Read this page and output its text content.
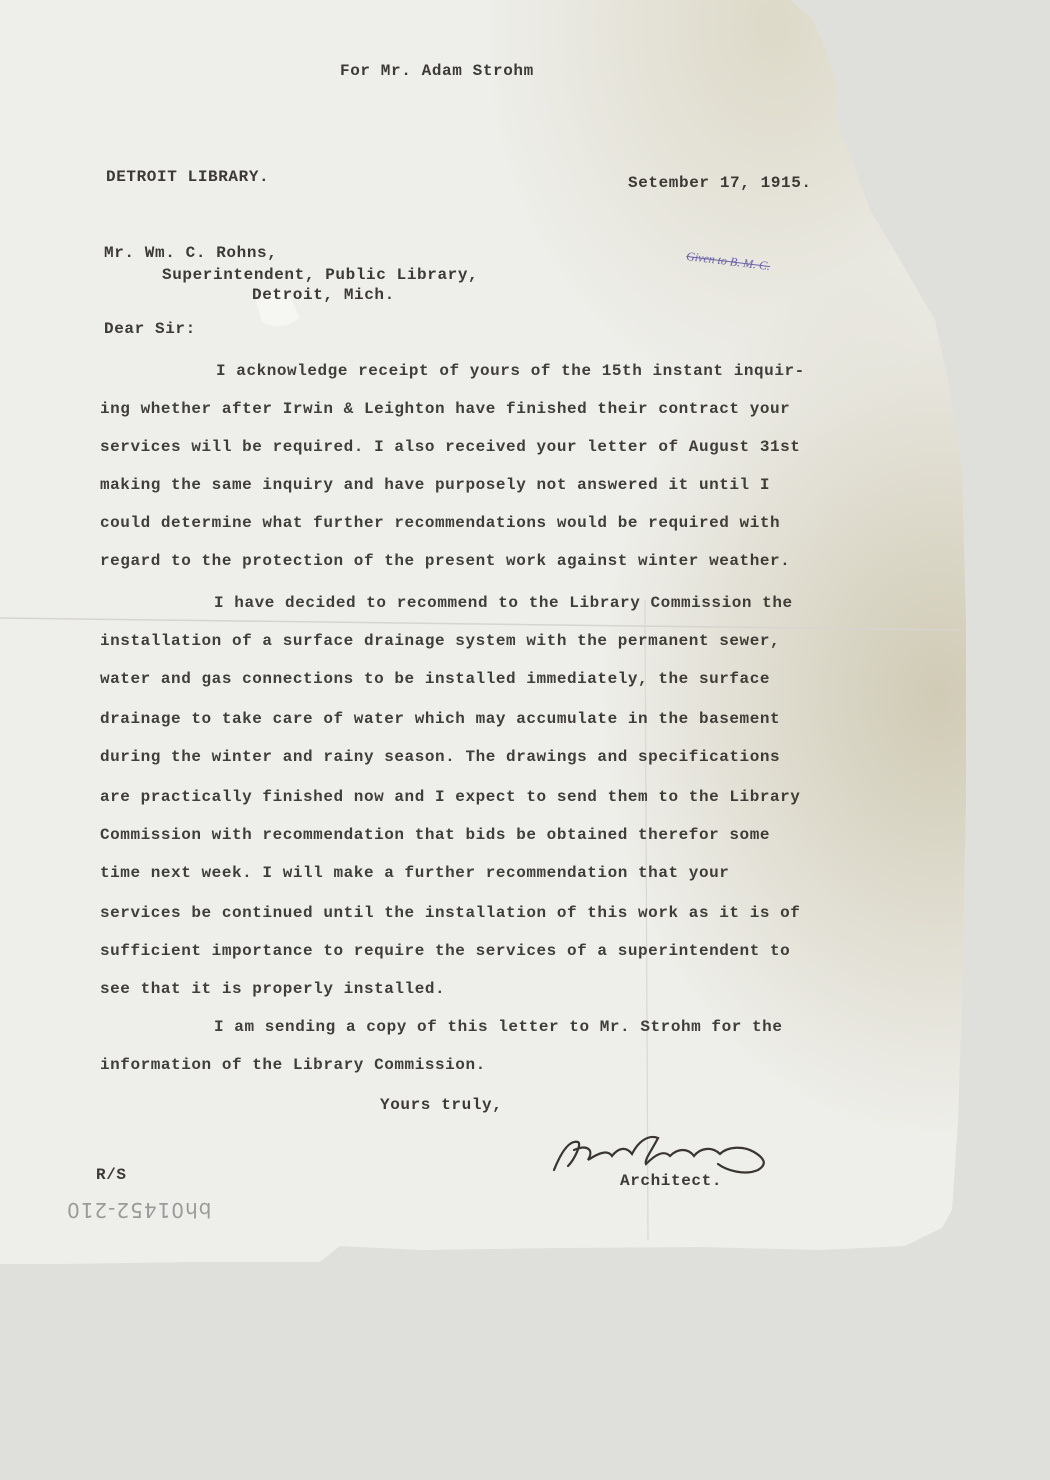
For Mr. Adam Strohm
DETROIT LIBRARY.	Setember 17, 1915.
Given to B. M. C.
Mr. Wm. C. Rohns,
Superintendent, Public Library,
Detroit, Mich.
Dear Sir:
I acknowledge receipt of yours of the 15th instant inquir-
ing whether after Irwin & Leighton have finished their contract your
services will be required. I also received your letter of August 31st
making the same inquiry and have purposely not answered it until I
could determine what further recommendations would be required with
regard to the protection of the present work against winter weather.
I have decided to recommend to the Library Commission the
installation of a surface drainage system with the permanent sewer,
water and gas connections to be installed immediately, the surface
drainage to take care of water which may accumulate in the basement
during the winter and rainy season. The drawings and specifications
are practically finished now and I expect to send them to the Library
Commission with recommendation that bids be obtained therefor some
time next week. I will make a further recommendation that your
services be continued until the installation of this work as it is of
sufficient importance to require the services of a superintendent to
see that it is properly installed.
I am sending a copy of this letter to Mr. Strohm for the
information of the Library Commission.
Yours truly,
Architect.
R/S
bh01452-210
